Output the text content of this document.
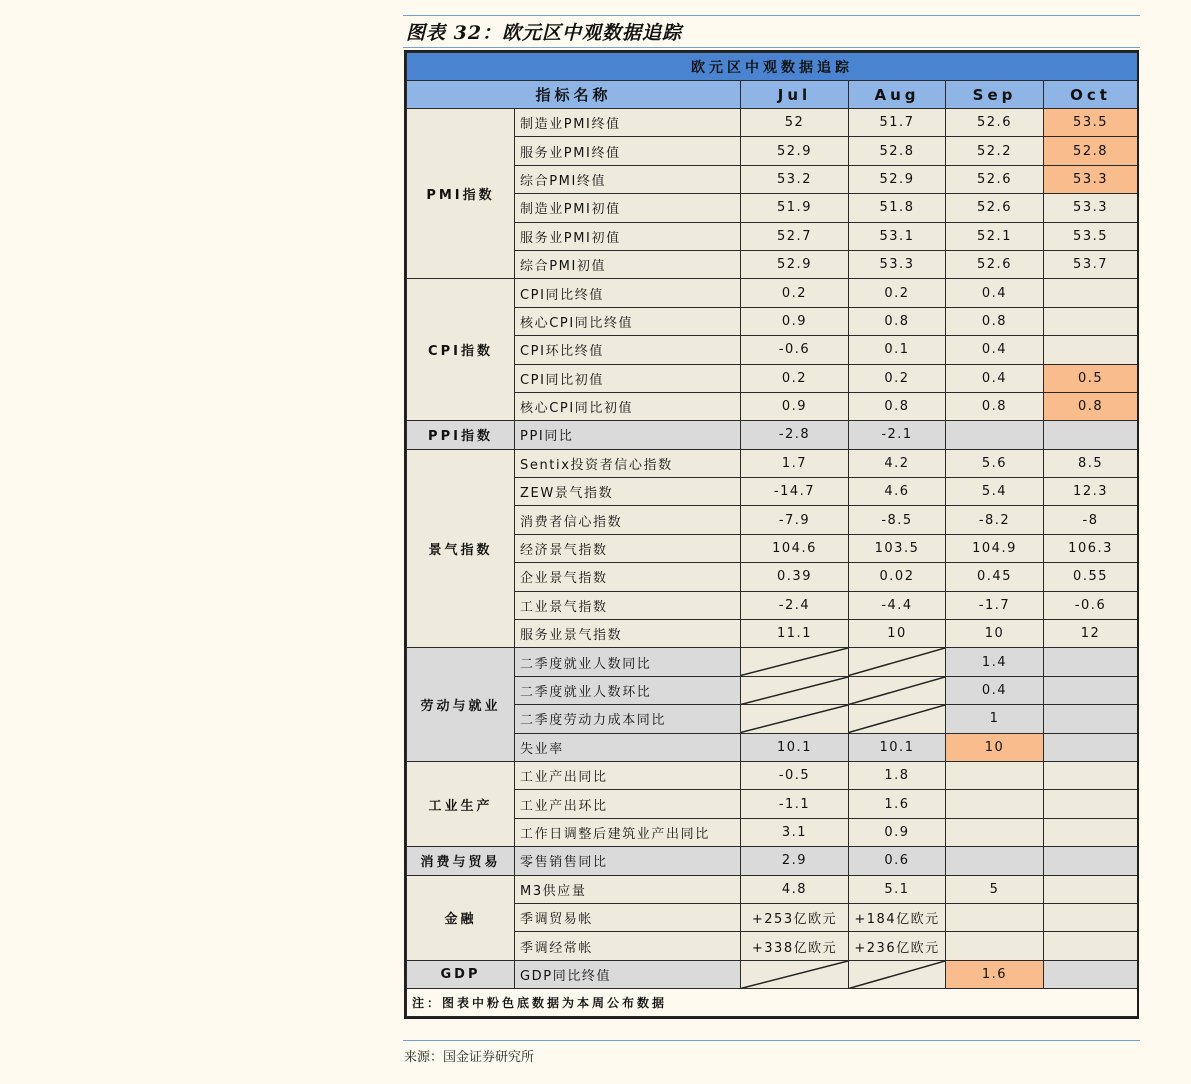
图表 32：欧元区中观数据追踪
欧元区中观数据追踪					
指标名称		Jul	Aug	Sep	Oct
PMI指数	制造业PMI终值	52	51.7	52.6	53.5
	服务业PMI终值	52.9	52.8	52.2	52.8
	综合PMI终值	53.2	52.9	52.6	53.3
	制造业PMI初值	51.9	51.8	52.6	53.3
	服务业PMI初值	52.7	53.1	52.1	53.5
	综合PMI初值	52.9	53.3	52.6	53.7
CPI指数	CPI同比终值	0.2	0.2	0.4	
	核心CPI同比终值	0.9	0.8	0.8	
	CPI环比终值	-0.6	0.1	0.4	
	CPI同比初值	0.2	0.2	0.4	0.5
	核心CPI同比初值	0.9	0.8	0.8	0.8
PPI指数	PPI同比	-2.8	-2.1		
景气指数	Sentix投资者信心指数	1.7	4.2	5.6	8.5
	ZEW景气指数	-14.7	4.6	5.4	12.3
	消费者信心指数	-7.9	-8.5	-8.2	-8
	经济景气指数	104.6	103.5	104.9	106.3
	企业景气指数	0.39	0.02	0.45	0.55
	工业景气指数	-2.4	-4.4	-1.7	-0.6
	服务业景气指数	11.1	10	10	12
劳动与就业	二季度就业人数同比			1.4	
	二季度就业人数环比			0.4	
	二季度劳动力成本同比			1	
	失业率	10.1	10.1	10	
工业生产	工业产出同比	-0.5	1.8		
	工业产出环比	-1.1	1.6		
	工作日调整后建筑业产出同比	3.1	0.9		
消费与贸易	零售销售同比	2.9	0.6		
金融	M3供应量	4.8	5.1	5	
	季调贸易帐	+253亿欧元	+184亿欧元		
	季调经常帐	+338亿欧元	+236亿欧元		
GDP	GDP同比终值			1.6	
注：图表中粉色底数据为本周公布数据					
来源：国金证券研究所
